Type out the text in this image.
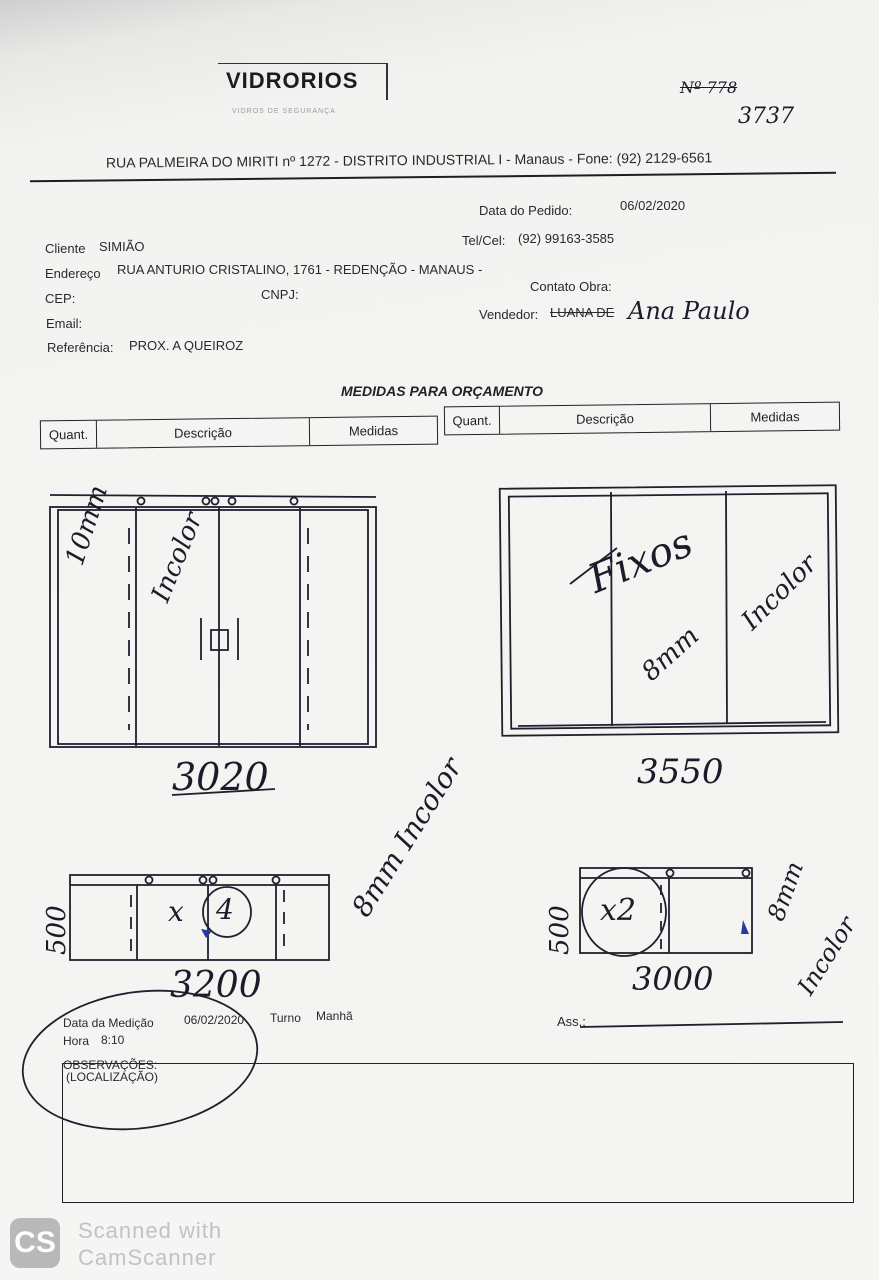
VIDRORIOS
VIDROS DE SEGURANÇA
Nº 778
3737
RUA PALMEIRA DO MIRITI nº 1272 - DISTRITO INDUSTRIAL I - Manaus - Fone: (92) 2129-6561
Data do Pedido:	06/02/2020
Cliente SIMIÃO	Tel/Cel: (92) 99163-3585
Endereço RUA ANTURIO CRISTALINO, 1761 - REDENÇÃO - MANAUS -
CEP:	CNPJ:
Contato Obra:
Email:
Vendedor: LUANA DE Ana Paulo
Referência: PROX. A QUEIROZ
MEDIDAS PARA ORÇAMENTO
Quant.	Descrição	Medidas
Quant.	Descrição	Medidas
10mm Incolor
3020
Fixos
8mm
Incolor
3550
8mm Incolor
500	x 4
3200
500 x2
3000
8mm
Incolor
Data da Medição	06/02/2020 Turno Manhã
Hora 8:10
Ass.:
OBSERVAÇÕES:
(LOCALIZAÇÃO)
CS Scanned with
CamScanner
